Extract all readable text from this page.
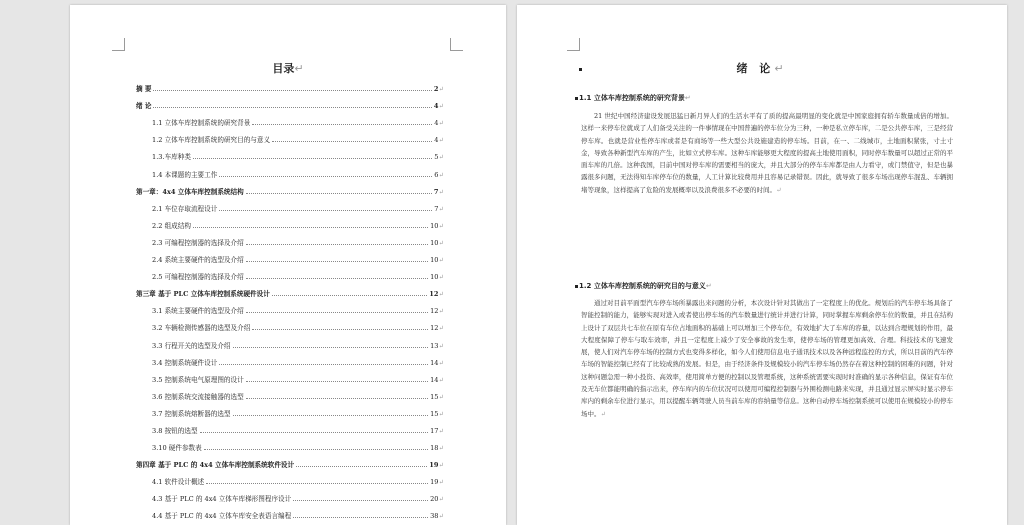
目录↵
摘 要	2 ↵
绪 论	4 ↵
1.1 立体车库控制系统的研究背景	4 ↵
1.2 立体车库控制系统的研究目的与意义	4 ↵
1.3.车库种类	5 ↵
1.4 本课题的主要工作	6 ↵
第一章：4x4 立体车库控制系统结构	7 ↵
2.1 车位存取流程设计	7 ↵
2.2 组成结构	10 ↵
2.3 可编程控制器的选择及介绍	10 ↵
2.4 系统主要硬件的选型及介绍	10 ↵
2.5 可编程控制器的选择及介绍	10 ↵
第三章 基于 PLC 立体车库控制系统硬件设计	12 ↵
3.1 系统主要硬件的选型及介绍	12 ↵
3.2 车辆检测传感器的选型及介绍	12 ↵
3.3 行程开关的选型及介绍	13 ↵
3.4 控制系统硬件设计	14 ↵
3.5 控制系统电气原理图的设计	14 ↵
3.6 控制系统交流接触器的选型	15 ↵
3.7 控制系统熔断器的选型	15 ↵
3.8 按钮的选型	17 ↵
3.10 硬件参数表	18 ↵
第四章 基于 PLC 的 4x4 立体车库控制系统软件设计	19 ↵
4.1 软件设计概述	19 ↵
4.3 基于 PLC 的 4x4 立体车库梯形图程序设计	20 ↵
4.4 基于 PLC 的 4x4 立体车库安全表语言编程	38 ↵
绪 论↵
1.1 立体车库控制系统的研究背景↵
21 世纪中国经济建设发展迅猛日新月异人们的生活水平有了质的提高最明显的变化就是中国家庭拥有轿车数量成倍的增加。这样一来停车位就成了人们备受关注的一件事情现在中国普遍的停车位分为三种，一种是私立停车库，二是公共停车库，三是经营停车库。也就是营业性停车库或者是有商场等一些大型公共设施建造的停车场。目前，在一、二线城市，土地面积紧张，寸土寸金，导致各种新型汽车库的产生，比如立式停车库。这种车库能够更大程度的提高土地使用面积，同时停车数量可以超过正常的平面车库的几倍。这种我国，目前中国对停车库的需要相当的庞大，并且大部分的停车车库都是由人力看守，或门禁值守，但是也暴露很多问题，无法得知车库停车位的数量，人工计算比较费用并且容易记录错误。因此，就导致了很多车场出现停车混乱、车辆拥堵等现象，这样提高了危险的发展概率以及浪费很多不必要的时间。↵
1.2 立体车库控制系统的研究目的与意义↵
通过对目前平面型汽车停车场所暴露出来问题的分析，本次设计针对其做出了一定程度上的优化。规划后的汽车停车场具备了智能控制的能力，能够实现对进入或者使出停车场的汽车数量进行统计并进行计算，同时掌握车库剩余停车位的数量，并且在结构上设计了双层共七车位在原有车位占地面积的基础上可以增加三个停车位，有效地扩大了车库的容量，以达到合理规划的作用，最大程度保障了停车与取车效率，并且一定程度上减少了安全事故的发生率，使停车场的管理更加高效、合理。科技技术的飞速发展，使人们对汽车停车场的控制方式也变得多样化，如今人们使用信息电子通讯技术以及各种远程监控的方式，所以目前的汽车停车场的智能控制已经有了比较成熟的发展。但是，由于经济条件及规模较小的汽车停车场仍然存在着这种控制的困难的问题，针对这种问题急需一种小投资、高效率，使用简单方便的控制以及管理系统，这种系统需要实现时时准确的显示各种信息，保证有车位及无车位都能明确的指示出来，停车库内的车位状况可以使用可编程控制器与外围检测电路来实现，并且通过显示屏实时显示停车库内的剩余车位进行显示，用以提醒车辆驾驶人员当前车库的容纳量等信息。这种自动停车场控制系统可以使用在规模较小的停车场中。↵
